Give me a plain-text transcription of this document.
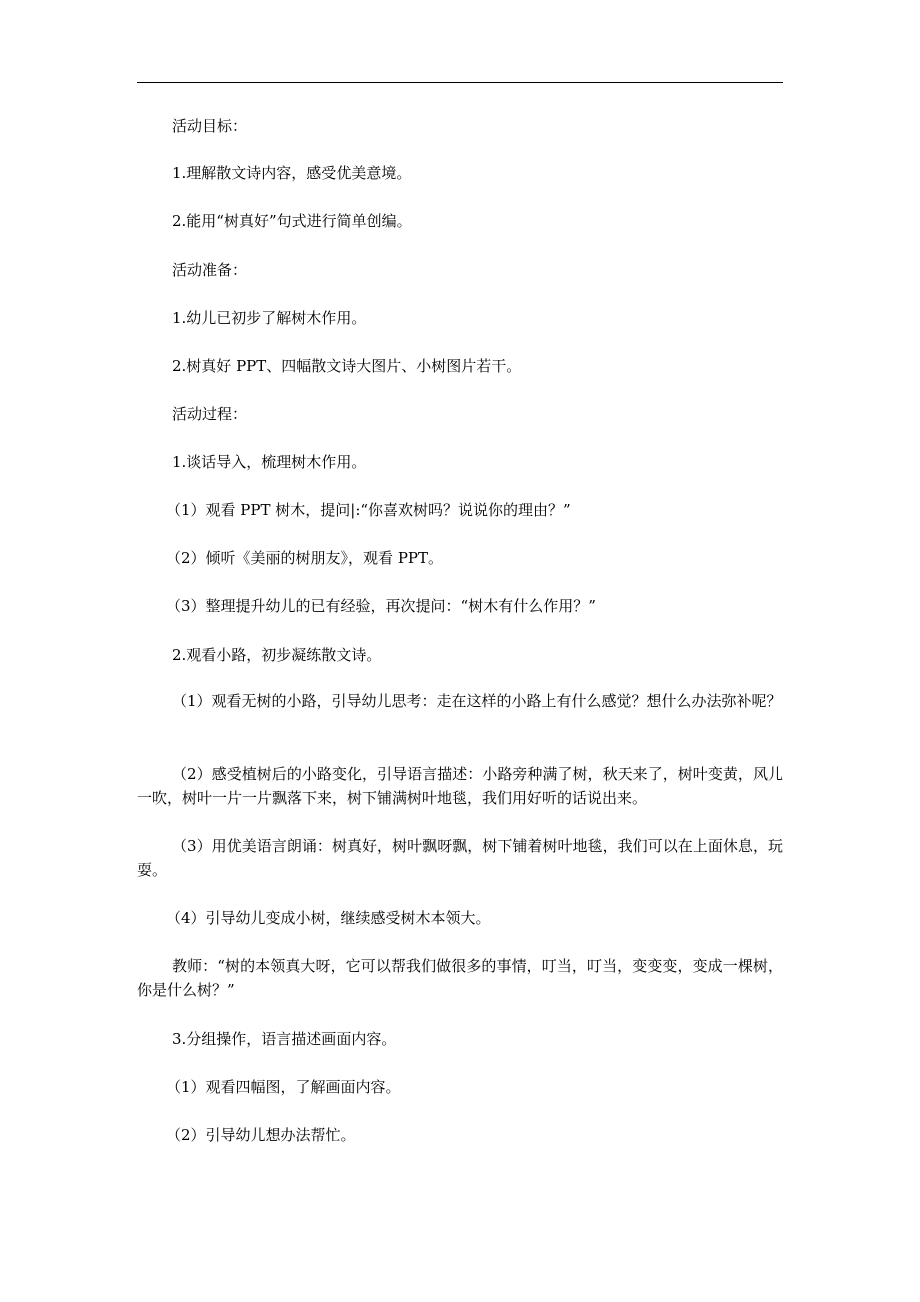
活动目标：
1.理解散文诗内容，感受优美意境。
2.能用“树真好”句式进行简单创编。
活动准备：
1.幼儿已初步了解树木作用。
2.树真好 PPT、四幅散文诗大图片、小树图片若干。
活动过程：
1.谈话导入，梳理树木作用。
（1）观看 PPT 树木，提问|:“你喜欢树吗？说说你的理由？”
（2）倾听《美丽的树朋友》，观看 PPT。
（3）整理提升幼儿的已有经验，再次提问：“树木有什么作用？”
2.观看小路，初步凝练散文诗。
（1）观看无树的小路，引导幼儿思考：走在这样的小路上有什么感觉？想什么办法弥补呢？
（2）感受植树后的小路变化，引导语言描述：小路旁种满了树，秋天来了，树叶变黄，风儿一吹，树叶一片一片飘落下来，树下铺满树叶地毯，我们用好听的话说出来。
（3）用优美语言朗诵：树真好，树叶飘呀飘，树下铺着树叶地毯，我们可以在上面休息，玩耍。
（4）引导幼儿变成小树，继续感受树木本领大。
教师：“树的本领真大呀，它可以帮我们做很多的事情，叮当，叮当，变变变，变成一棵树，你是什么树？”
3.分组操作，语言描述画面内容。
（1）观看四幅图，了解画面内容。
（2）引导幼儿想办法帮忙。
